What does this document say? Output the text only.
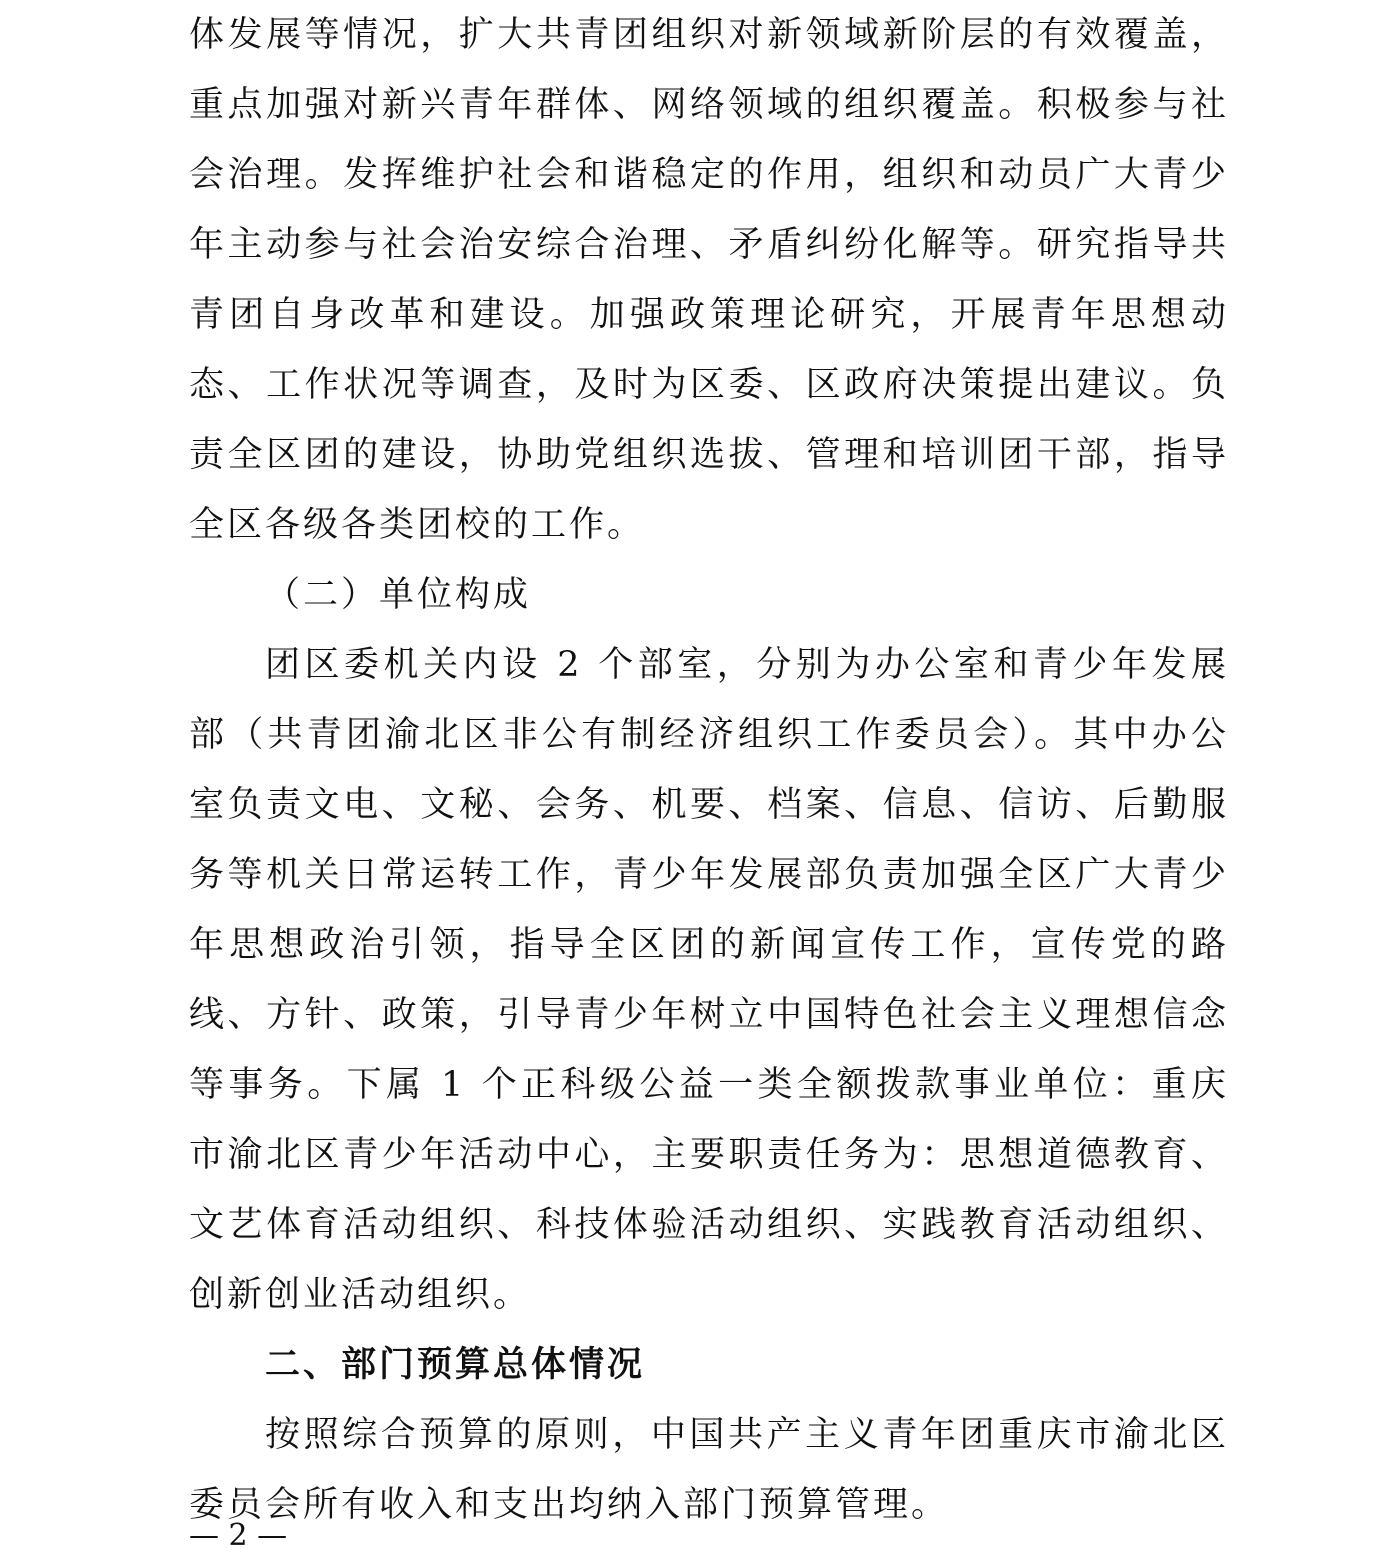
体发展等情况，扩大共青团组织对新领域新阶层的有效覆盖，重点加强对新兴青年群体、网络领域的组织覆盖。积极参与社会治理。发挥维护社会和谐稳定的作用，组织和动员广大青少年主动参与社会治安综合治理、矛盾纠纷化解等。研究指导共青团自身改革和建设。加强政策理论研究，开展青年思想动态、工作状况等调查，及时为区委、区政府决策提出建议。负责全区团的建设，协助党组织选拔、管理和培训团干部，指导全区各级各类团校的工作。

（二）单位构成

团区委机关内设 2 个部室，分别为办公室和青少年发展部（共青团渝北区非公有制经济组织工作委员会）。其中办公室负责文电、文秘、会务、机要、档案、信息、信访、后勤服务等机关日常运转工作，青少年发展部负责加强全区广大青少年思想政治引领，指导全区团的新闻宣传工作，宣传党的路线、方针、政策，引导青少年树立中国特色社会主义理想信念等事务。下属 1 个正科级公益一类全额拨款事业单位：重庆市渝北区青少年活动中心，主要职责任务为：思想道德教育、文艺体育活动组织、科技体验活动组织、实践教育活动组织、创新创业活动组织。

二、部门预算总体情况

按照综合预算的原则，中国共产主义青年团重庆市渝北区委员会所有收入和支出均纳入部门预算管理。

— 2 —
